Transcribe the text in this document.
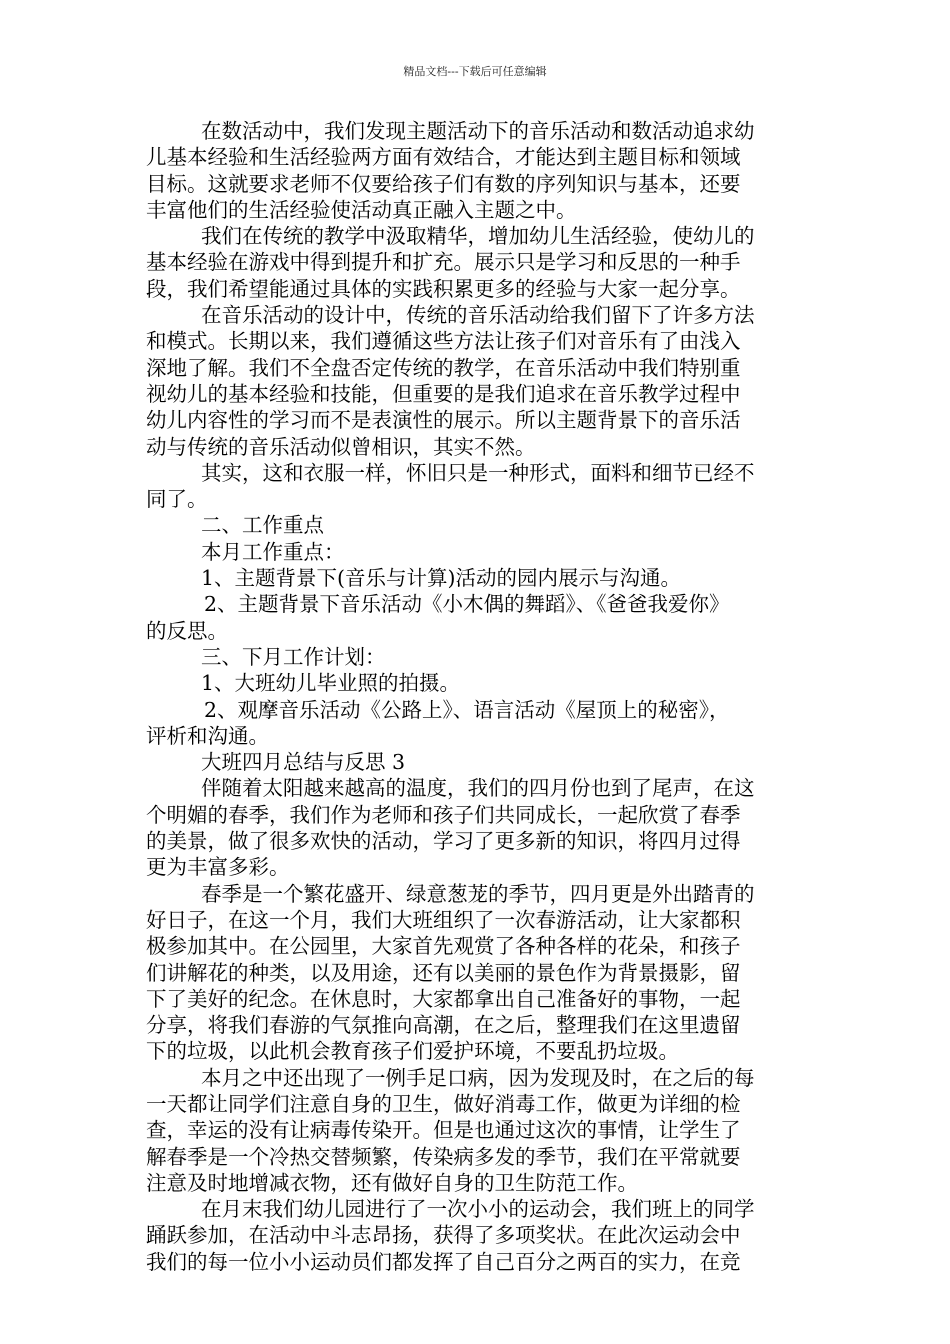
精品文档---下载后可任意编辑
在数活动中，我们发现主题活动下的音乐活动和数活动追求幼
儿基本经验和生活经验两方面有效结合，才能达到主题目标和领域
目标。这就要求老师不仅要给孩子们有数的序列知识与基本，还要
丰富他们的生活经验使活动真正融入主题之中。
我们在传统的教学中汲取精华，增加幼儿生活经验，使幼儿的
基本经验在游戏中得到提升和扩充。展示只是学习和反思的一种手
段，我们希望能通过具体的实践积累更多的经验与大家一起分享。
在音乐活动的设计中，传统的音乐活动给我们留下了许多方法
和模式。长期以来，我们遵循这些方法让孩子们对音乐有了由浅入
深地了解。我们不全盘否定传统的教学，在音乐活动中我们特别重
视幼儿的基本经验和技能，但重要的是我们追求在音乐教学过程中
幼儿内容性的学习而不是表演性的展示。所以主题背景下的音乐活
动与传统的音乐活动似曾相识，其实不然。
其实，这和衣服一样，怀旧只是一种形式，面料和细节已经不
同了。
二、工作重点
本月工作重点：
1、主题背景下(音乐与计算)活动的园内展示与沟通。
2、主题背景下音乐活动《小木偶的舞蹈》、《爸爸我爱你》
的反思。
三、下月工作计划：
1、大班幼儿毕业照的拍摄。
2、观摩音乐活动《公路上》、语言活动《屋顶上的秘密》，
评析和沟通。
大班四月总结与反思 3
伴随着太阳越来越高的温度，我们的四月份也到了尾声，在这
个明媚的春季，我们作为老师和孩子们共同成长，一起欣赏了春季
的美景，做了很多欢快的活动，学习了更多新的知识，将四月过得
更为丰富多彩。
春季是一个繁花盛开、绿意葱茏的季节，四月更是外出踏青的
好日子，在这一个月，我们大班组织了一次春游活动，让大家都积
极参加其中。在公园里，大家首先观赏了各种各样的花朵，和孩子
们讲解花的种类，以及用途，还有以美丽的景色作为背景摄影，留
下了美好的纪念。在休息时，大家都拿出自己准备好的事物，一起
分享，将我们春游的气氛推向高潮，在之后，整理我们在这里遗留
下的垃圾，以此机会教育孩子们爱护环境，不要乱扔垃圾。
本月之中还出现了一例手足口病，因为发现及时，在之后的每
一天都让同学们注意自身的卫生，做好消毒工作，做更为详细的检
查，幸运的没有让病毒传染开。但是也通过这次的事情，让学生了
解春季是一个冷热交替频繁，传染病多发的季节，我们在平常就要
注意及时地增减衣物，还有做好自身的卫生防范工作。
在月末我们幼儿园进行了一次小小的运动会，我们班上的同学
踊跃参加，在活动中斗志昂扬，获得了多项奖状。在此次运动会中
我们的每一位小小运动员们都发挥了自己百分之两百的实力，在竞
